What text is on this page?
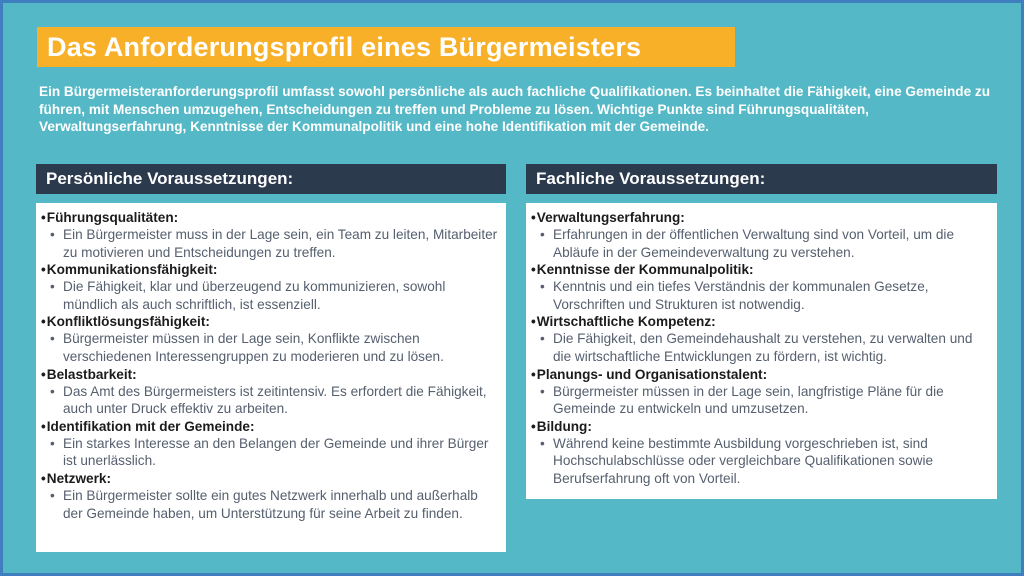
Das Anforderungsprofil eines Bürgermeisters

Ein Bürgermeisteranforderungsprofil umfasst sowohl persönliche als auch fachliche Qualifikationen. Es beinhaltet die Fähigkeit, eine Gemeinde zu führen, mit Menschen umzugehen, Entscheidungen zu treffen und Probleme zu lösen. Wichtige Punkte sind Führungsqualitäten, Verwaltungserfahrung, Kenntnisse der Kommunalpolitik und eine hohe Identifikation mit der Gemeinde.

Persönliche Voraussetzungen:

•Führungsqualitäten:

• Ein Bürgermeister muss in der Lage sein, ein Team zu leiten, Mitarbeiter zu motivieren und Entscheidungen zu treffen.

•Kommunikationsfähigkeit:

• Die Fähigkeit, klar und überzeugend zu kommunizieren, sowohl mündlich als auch schriftlich, ist essenziell.

•Konfliktlösungsfähigkeit:

• Bürgermeister müssen in der Lage sein, Konflikte zwischen verschiedenen Interessengruppen zu moderieren und zu lösen.

•Belastbarkeit:

• Das Amt des Bürgermeisters ist zeitintensiv. Es erfordert die Fähigkeit, auch unter Druck effektiv zu arbeiten.

•Identifikation mit der Gemeinde:

• Ein starkes Interesse an den Belangen der Gemeinde und ihrer Bürger ist unerlässlich.

•Netzwerk:

• Ein Bürgermeister sollte ein gutes Netzwerk innerhalb und außerhalb der Gemeinde haben, um Unterstützung für seine Arbeit zu finden.

Fachliche Voraussetzungen:

•Verwaltungserfahrung:

• Erfahrungen in der öffentlichen Verwaltung sind von Vorteil, um die Abläufe in der Gemeindeverwaltung zu verstehen.

•Kenntnisse der Kommunalpolitik:

• Kenntnis und ein tiefes Verständnis der kommunalen Gesetze, Vorschriften und Strukturen ist notwendig.

•Wirtschaftliche Kompetenz:

• Die Fähigkeit, den Gemeindehaushalt zu verstehen, zu verwalten und die wirtschaftliche Entwicklungen zu fördern, ist wichtig.

•Planungs- und Organisationstalent:

• Bürgermeister müssen in der Lage sein, langfristige Pläne für die Gemeinde zu entwickeln und umzusetzen.

•Bildung:

• Während keine bestimmte Ausbildung vorgeschrieben ist, sind Hochschulabschlüsse oder vergleichbare Qualifikationen sowie Berufserfahrung oft von Vorteil.
